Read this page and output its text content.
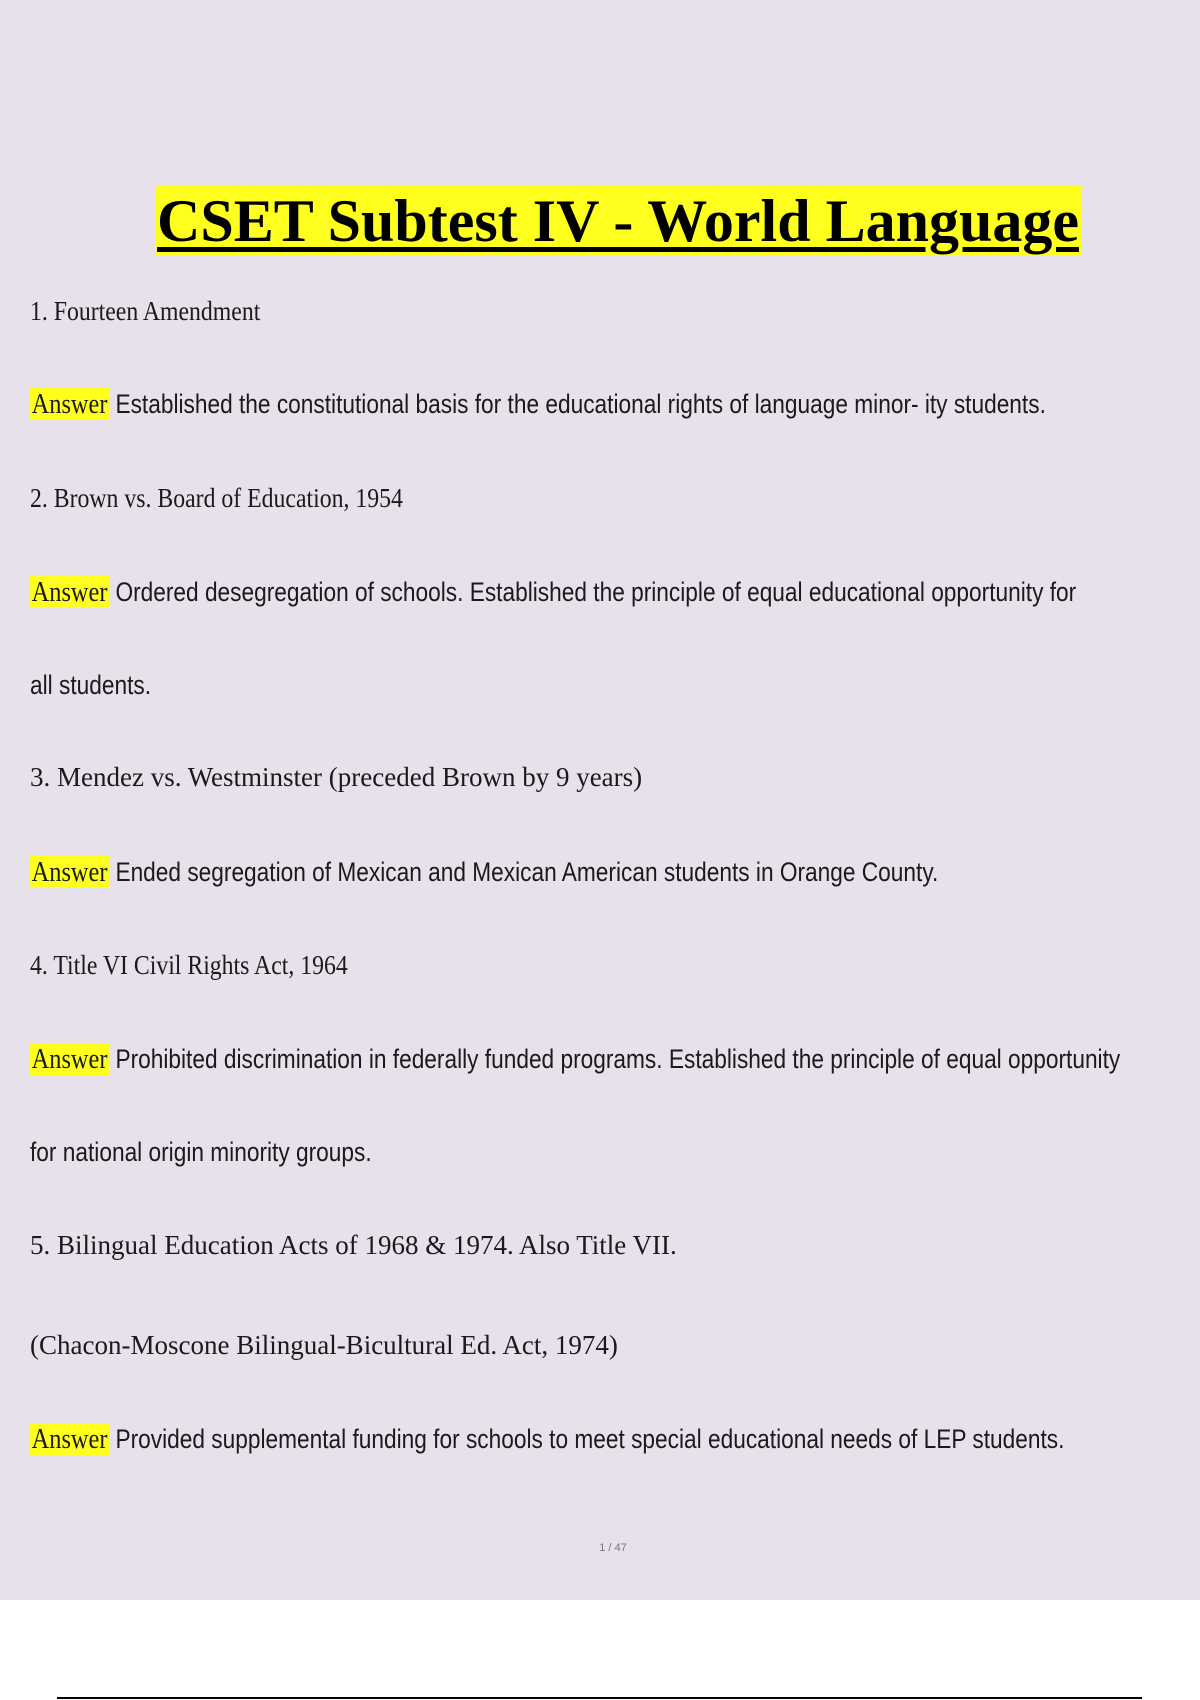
CSET Subtest IV - World Language
1. Fourteen Amendment
Answer Established the constitutional basis for the educational rights of language minor- ity students.
2. Brown vs. Board of Education, 1954
Answer Ordered desegregation of schools. Established the principle of equal educational opportunity for
all students.
3. Mendez vs. Westminster (preceded Brown by 9 years)
Answer Ended segregation of Mexican and Mexican American students in Orange County.
4. Title VI Civil Rights Act, 1964
Answer Prohibited discrimination in federally funded programs. Established the principle of equal opportunity
for national origin minority groups.
5. Bilingual Education Acts of 1968 & 1974. Also Title VII.
(Chacon-Moscone Bilingual-Bicultural Ed. Act, 1974)
Answer Provided supplemental funding for schools to meet special educational needs of LEP students.
1 / 47
